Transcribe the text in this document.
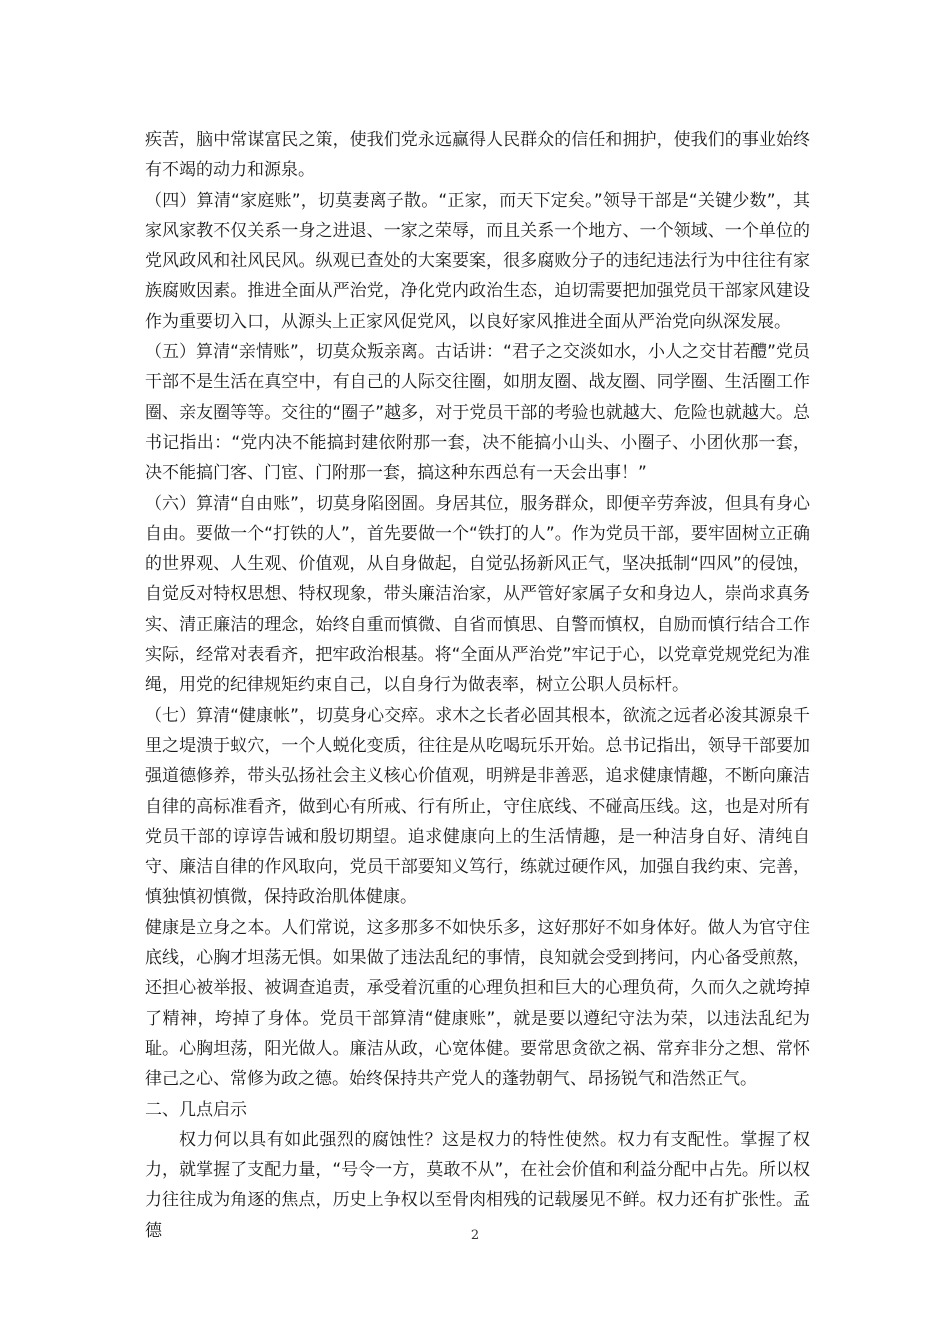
疾苦，脑中常谋富民之策，使我们党永远赢得人民群众的信任和拥护，使我们的事业始终有不竭的动力和源泉。

（四）算清“家庭账”，切莫妻离子散。“正家，而天下定矣。”领导干部是“关键少数”，其家风家教不仅关系一身之进退、一家之荣辱，而且关系一个地方、一个领域、一个单位的党风政风和社风民风。纵观已查处的大案要案，很多腐败分子的违纪违法行为中往往有家族腐败因素。推进全面从严治党，净化党内政治生态，迫切需要把加强党员干部家风建设作为重要切入口，从源头上正家风促党风，以良好家风推进全面从严治党向纵深发展。

（五）算清“亲情账”，切莫众叛亲离。古话讲：“君子之交淡如水，小人之交甘若醴”党员干部不是生活在真空中，有自己的人际交往圈，如朋友圈、战友圈、同学圈、生活圈工作圈、亲友圈等等。交往的“圈子”越多，对于党员干部的考验也就越大、危险也就越大。总书记指出：“党内决不能搞封建依附那一套，决不能搞小山头、小圈子、小团伙那一套，决不能搞门客、门宦、门附那一套，搞这种东西总有一天会出事！”

（六）算清“自由账”，切莫身陷囹圄。身居其位，服务群众，即便辛劳奔波，但具有身心自由。要做一个“打铁的人”，首先要做一个“铁打的人”。作为党员干部，要牢固树立正确的世界观、人生观、价值观，从自身做起，自觉弘扬新风正气，坚决抵制“四风”的侵蚀，自觉反对特权思想、特权现象，带头廉洁治家，从严管好家属子女和身边人，崇尚求真务实、清正廉洁的理念，始终自重而慎微、自省而慎思、自警而慎权，自励而慎行结合工作实际，经常对表看齐，把牢政治根基。将“全面从严治党”牢记于心，以党章党规党纪为准绳，用党的纪律规矩约束自己，以自身行为做表率，树立公职人员标杆。

（七）算清“健康帐”，切莫身心交瘁。求木之长者必固其根本，欲流之远者必浚其源泉千里之堤溃于蚁穴，一个人蜕化变质，往往是从吃喝玩乐开始。总书记指出，领导干部要加强道德修养，带头弘扬社会主义核心价值观，明辨是非善恶，追求健康情趣，不断向廉洁自律的高标准看齐，做到心有所戒、行有所止，守住底线、不碰高压线。这，也是对所有党员干部的谆谆告诫和殷切期望。追求健康向上的生活情趣，是一种洁身自好、清纯自守、廉洁自律的作风取向，党员干部要知义笃行，练就过硬作风，加强自我约束、完善，慎独慎初慎微，保持政治肌体健康。

健康是立身之本。人们常说，这多那多不如快乐多，这好那好不如身体好。做人为官守住底线，心胸才坦荡无惧。如果做了违法乱纪的事情，良知就会受到拷问，内心备受煎熬，还担心被举报、被调查追责，承受着沉重的心理负担和巨大的心理负荷，久而久之就垮掉了精神，垮掉了身体。党员干部算清“健康账”，就是要以遵纪守法为荣，以违法乱纪为耻。心胸坦荡，阳光做人。廉洁从政，心宽体健。要常思贪欲之祸、常弃非分之想、常怀律己之心、常修为政之德。始终保持共产党人的蓬勃朝气、昂扬锐气和浩然正气。

二、几点启示

权力何以具有如此强烈的腐蚀性？这是权力的特性使然。权力有支配性。掌握了权力，就掌握了支配力量，“号令一方，莫敢不从”，在社会价值和利益分配中占先。所以权力往往成为角逐的焦点，历史上争权以至骨肉相残的记载屡见不鲜。权力还有扩张性。孟德	2
